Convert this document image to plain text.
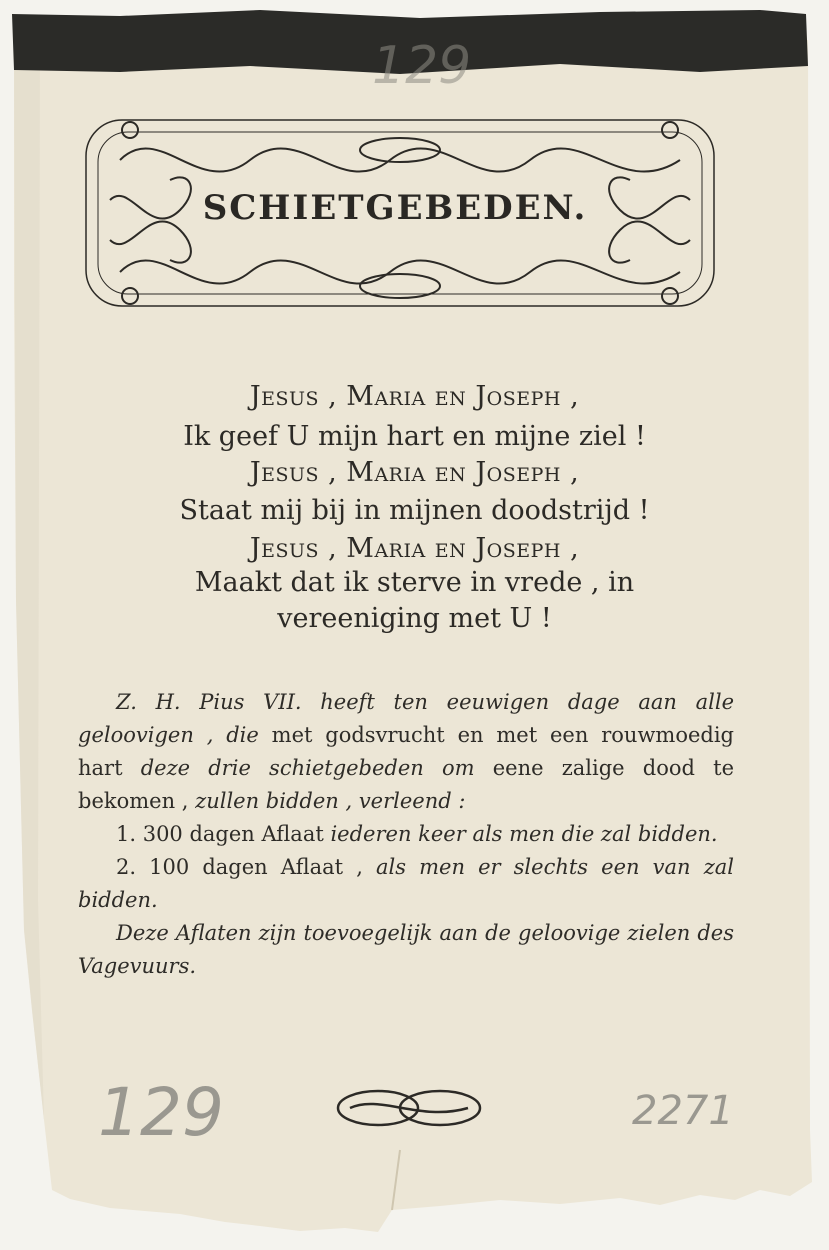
SCHIETGEBEDEN.

Jesus , Maria en Joseph ,

Ik geef U mijn hart en mijne ziel !

Jesus , Maria en Joseph ,

Staat mij bij in mijnen doodstrijd !

Jesus , Maria en Joseph ,

Maakt dat ik sterve in vrede , in

vereeniging met U !

Z. H. Pius VII. heeft ten eeuwigen dage aan alle geloovigen , die met godsvrucht en met een rouwmoedig hart deze drie schietgebeden om eene zalige dood te bekomen , zullen bidden , verleend :

1. 300 dagen Aflaat iederen keer als men die zal bidden.

2. 100 dagen Aflaat , als men er slechts een van zal bidden.

Deze Aflaten zijn toevoegelijk aan de geloovige zielen des Vagevuurs.

129	2271
129
